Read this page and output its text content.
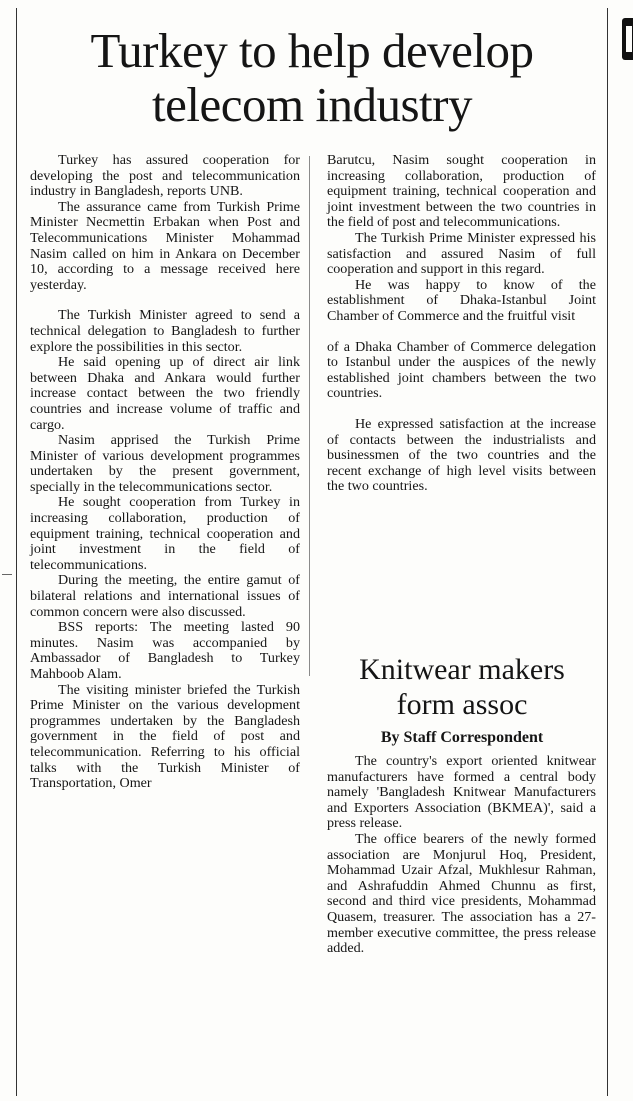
Turkey to help develop
telecom industry

Turkey has assured cooperation for developing the post and telecommunication industry in Bangladesh, reports UNB.

The assurance came from Turkish Prime Minister Necmettin Erbakan when Post and Telecommunications Minister Mohammad Nasim called on him in Ankara on December 10, according to a message received here yesterday.

The Turkish Minister agreed to send a technical delegation to Bangladesh to further explore the possibilities in this sector.

He said opening up of direct air link between Dhaka and Ankara would further increase contact between the two friendly countries and increase volume of traffic and cargo.

Nasim apprised the Turkish Prime Minister of various development programmes undertaken by the present government, specially in the telecommunications sector.

He sought cooperation from Turkey in increasing collaboration, production of equipment training, technical cooperation and joint investment in the field of telecommunications.

During the meeting, the entire gamut of bilateral relations and international issues of common concern were also discussed.

BSS reports: The meeting lasted 90 minutes. Nasim was accompanied by Ambassador of Bangladesh to Turkey Mahboob Alam.

The visiting minister briefed the Turkish Prime Minister on the various development programmes undertaken by the Bangladesh government in the field of post and telecommunication. Referring to his official talks with the Turkish Minister of Transportation, Omer

Barutcu, Nasim sought cooperation in increasing collaboration, production of equipment training, technical cooperation and joint investment between the two countries in the field of post and telecommunications.

The Turkish Prime Minister expressed his satisfaction and assured Nasim of full cooperation and support in this regard.

He was happy to know of the establishment of Dhaka-Istanbul Joint Chamber of Commerce and the fruitful visit

of a Dhaka Chamber of Commerce delegation to Istanbul under the auspices of the newly established joint chambers between the two countries.

He expressed satisfaction at the increase of contacts between the industrialists and businessmen of the two countries and the recent exchange of high level visits between the two countries.

Knitwear makers
form assoc
By Staff Correspondent

The country's export oriented knitwear manufacturers have formed a central body namely 'Bangladesh Knitwear Manufacturers and Exporters Association (BKMEA)', said a press release.

The office bearers of the newly formed association are Monjurul Hoq, President, Mohammad Uzair Afzal, Mukhlesur Rahman, and Ashrafuddin Ahmed Chunnu as first, second and third vice presidents, Mohammad Quasem, treasurer. The association has a 27-member executive committee, the press release added.
